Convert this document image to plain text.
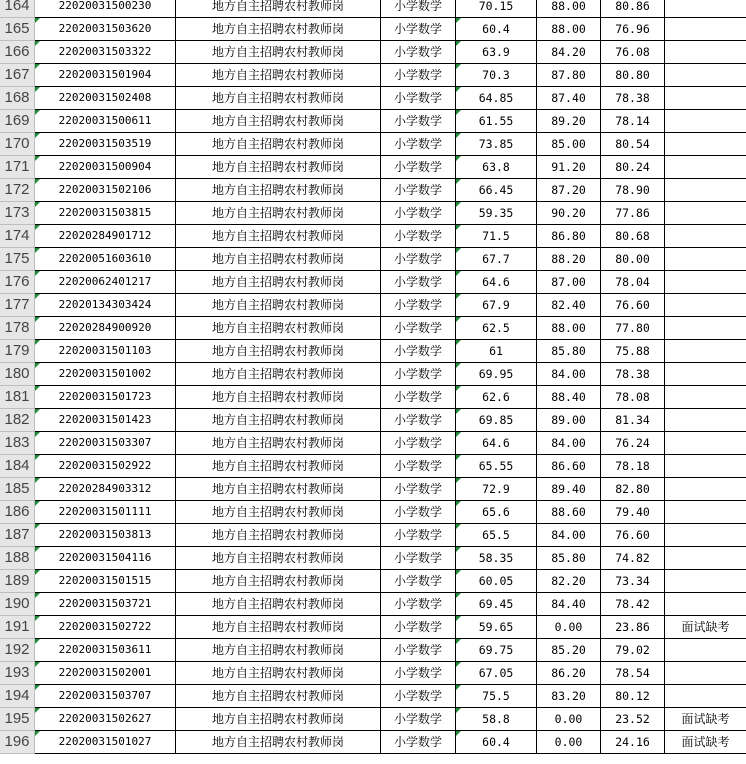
164	22020031500230	地方自主招聘农村教师岗	小学数学	70.15	88.00	80.86
165	22020031503620	地方自主招聘农村教师岗	小学数学	60.4	88.00	76.96
166	22020031503322	地方自主招聘农村教师岗	小学数学	63.9	84.20	76.08
167	22020031501904	地方自主招聘农村教师岗	小学数学	70.3	87.80	80.80
168	22020031502408	地方自主招聘农村教师岗	小学数学	64.85	87.40	78.38
169	22020031500611	地方自主招聘农村教师岗	小学数学	61.55	89.20	78.14
170	22020031503519	地方自主招聘农村教师岗	小学数学	73.85	85.00	80.54
171	22020031500904	地方自主招聘农村教师岗	小学数学	63.8	91.20	80.24
172	22020031502106	地方自主招聘农村教师岗	小学数学	66.45	87.20	78.90
173	22020031503815	地方自主招聘农村教师岗	小学数学	59.35	90.20	77.86
174	22020284901712	地方自主招聘农村教师岗	小学数学	71.5	86.80	80.68
175	22020051603610	地方自主招聘农村教师岗	小学数学	67.7	88.20	80.00
176	22020062401217	地方自主招聘农村教师岗	小学数学	64.6	87.00	78.04
177	22020134303424	地方自主招聘农村教师岗	小学数学	67.9	82.40	76.60
178	22020284900920	地方自主招聘农村教师岗	小学数学	62.5	88.00	77.80
179	22020031501103	地方自主招聘农村教师岗	小学数学	61	85.80	75.88
180	22020031501002	地方自主招聘农村教师岗	小学数学	69.95	84.00	78.38
181	22020031501723	地方自主招聘农村教师岗	小学数学	62.6	88.40	78.08
182	22020031501423	地方自主招聘农村教师岗	小学数学	69.85	89.00	81.34
183	22020031503307	地方自主招聘农村教师岗	小学数学	64.6	84.00	76.24
184	22020031502922	地方自主招聘农村教师岗	小学数学	65.55	86.60	78.18
185	22020284903312	地方自主招聘农村教师岗	小学数学	72.9	89.40	82.80
186	22020031501111	地方自主招聘农村教师岗	小学数学	65.6	88.60	79.40
187	22020031503813	地方自主招聘农村教师岗	小学数学	65.5	84.00	76.60
188	22020031504116	地方自主招聘农村教师岗	小学数学	58.35	85.80	74.82
189	22020031501515	地方自主招聘农村教师岗	小学数学	60.05	82.20	73.34
190	22020031503721	地方自主招聘农村教师岗	小学数学	69.45	84.40	78.42
191	22020031502722	地方自主招聘农村教师岗	小学数学	59.65	0.00	23.86	面试缺考
192	22020031503611	地方自主招聘农村教师岗	小学数学	69.75	85.20	79.02
193	22020031502001	地方自主招聘农村教师岗	小学数学	67.05	86.20	78.54
194	22020031503707	地方自主招聘农村教师岗	小学数学	75.5	83.20	80.12
195	22020031502627	地方自主招聘农村教师岗	小学数学	58.8	0.00	23.52	面试缺考
196	22020031501027	地方自主招聘农村教师岗	小学数学	60.4	0.00	24.16	面试缺考
